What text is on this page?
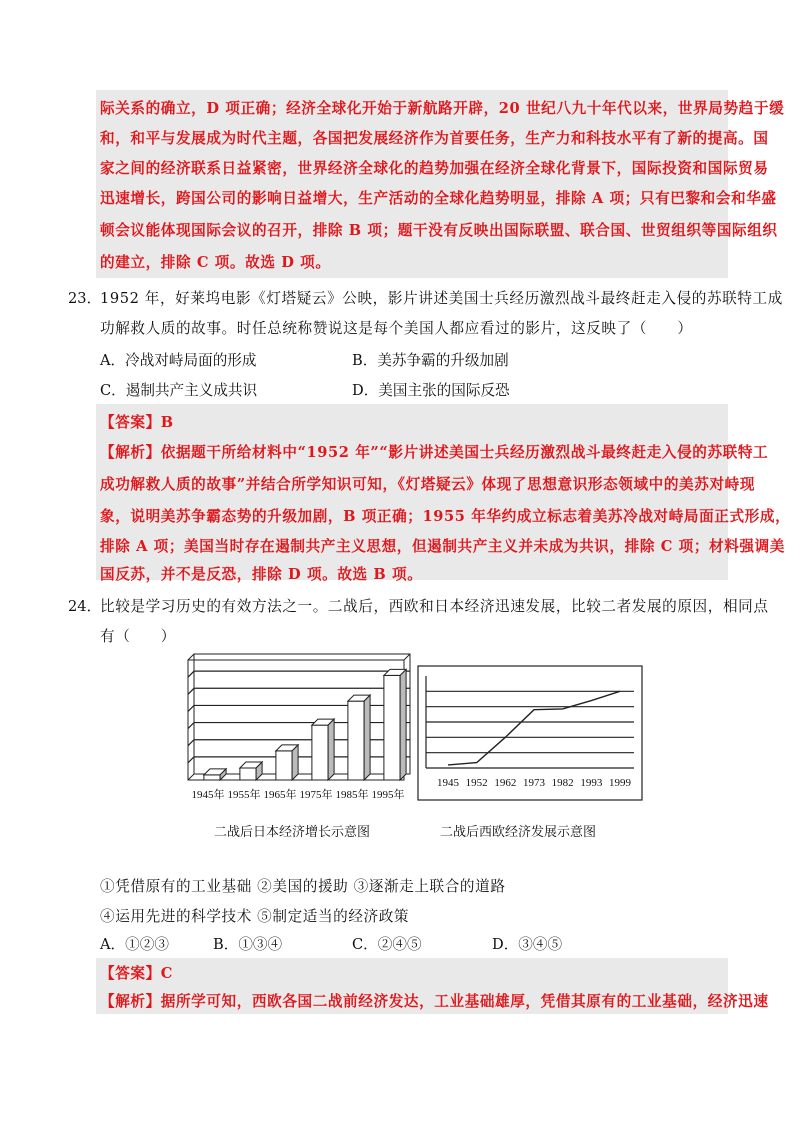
际关系的确立，D 项正确；经济全球化开始于新航路开辟，20 世纪八九十年代以来，世界局势趋于缓
和，和平与发展成为时代主题，各国把发展经济作为首要任务，生产力和科技水平有了新的提高。国
家之间的经济联系日益紧密，世界经济全球化的趋势加强在经济全球化背景下，国际投资和国际贸易
迅速增长，跨国公司的影响日益增大，生产活动的全球化趋势明显，排除 A 项；只有巴黎和会和华盛
顿会议能体现国际会议的召开，排除 B 项；题干没有反映出国际联盟、联合国、世贸组织等国际组织
的建立，排除 C 项。故选 D 项。
23．
1952 年，好莱坞电影《灯塔疑云》公映，影片讲述美国士兵经历激烈战斗最终赶走入侵的苏联特工成
功解救人质的故事。时任总统称赞说这是每个美国人都应看过的影片，这反映了（　　）
A．冷战对峙局面的形成	B．美苏争霸的升级加剧
C．遏制共产主义成共识	D．美国主张的国际反恐
【答案】B
【解析】依据题干所给材料中“1952 年”“影片讲述美国士兵经历激烈战斗最终赶走入侵的苏联特工
成功解救人质的故事”并结合所学知识可知，《灯塔疑云》体现了思想意识形态领域中的美苏对峙现
象，说明美苏争霸态势的升级加剧，B 项正确；1955 年华约成立标志着美苏冷战对峙局面正式形成，
排除 A 项；美国当时存在遏制共产主义思想，但遏制共产主义并未成为共识，排除 C 项；材料强调美
国反苏，并不是反恐，排除 D 项。故选 B 项。
24．
比较是学习历史的有效方法之一。二战后，西欧和日本经济迅速发展，比较二者发展的原因，相同点
有（　　）
1945年 1955年 1965年 1975年 1985年 1995年
1945 1952 1962 1973 1982 1993 1999
二战后日本经济增长示意图	二战后西欧经济发展示意图
①凭借原有的工业基础 ②美国的援助 ③逐渐走上联合的道路
④运用先进的科学技术 ⑤制定适当的经济政策
A．①②③	B．①③④	C．②④⑤	D．③④⑤
【答案】C
【解析】据所学可知，西欧各国二战前经济发达，工业基础雄厚，凭借其原有的工业基础，经济迅速
